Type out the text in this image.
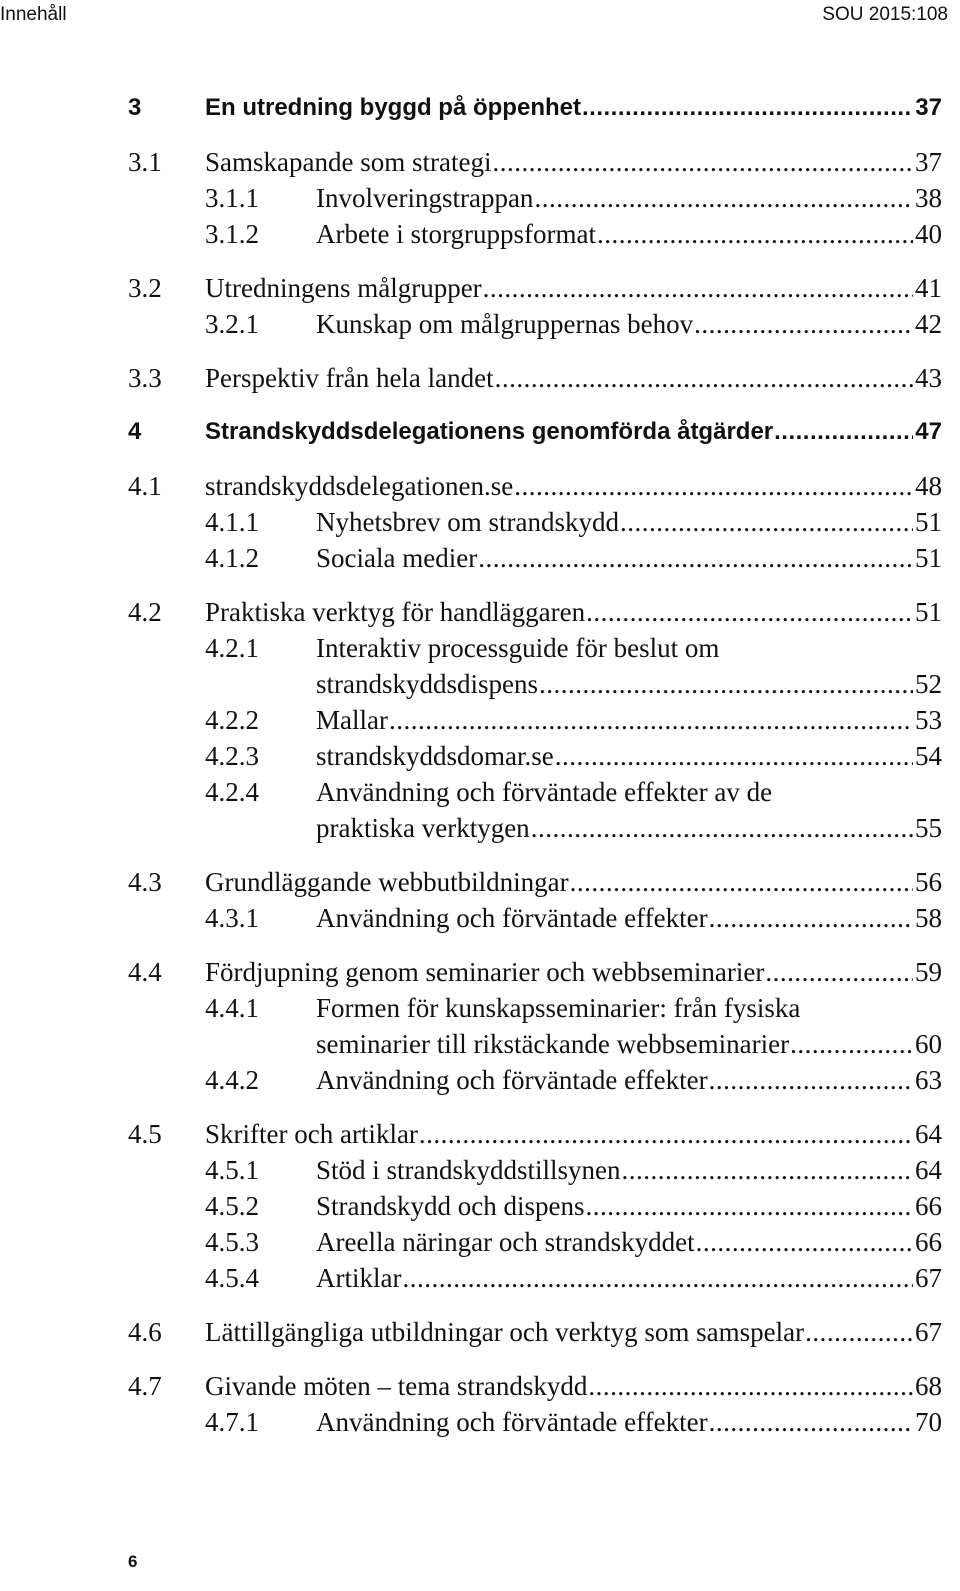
Innehåll	SOU 2015:108
3	En utredning byggd på öppenhet .....	37
3.1 Samskapande som strategi .....	37
3.1.1 Involveringstrappan .....	38
3.1.2 Arbete i storgruppsformat .....	40
3.2 Utredningens målgrupper .....	41
3.2.1 Kunskap om målgruppernas behov .....	42
3.3 Perspektiv från hela landet .....	43
4	Strandskyddsdelegationens genomförda åtgärder .....	47
4.1 strandskyddsdelegationen.se .....	48
4.1.1 Nyhetsbrev om strandskydd .....	51
4.1.2 Sociala medier .....	51
4.2 Praktiska verktyg för handläggaren .....	51
4.2.1 Interaktiv processguide för beslut om
strandskyddsdispens .....	52
4.2.2 Mallar .....	53
4.2.3 strandskyddsdomar.se .....	54
4.2.4 Användning och förväntade effekter av de
praktiska verktygen .....	55
4.3 Grundläggande webbutbildningar .....	56
4.3.1 Användning och förväntade effekter .....	58
4.4 Fördjupning genom seminarier och webbseminarier .....	59
4.4.1 Formen för kunskapsseminarier: från fysiska
seminarier till rikstäckande webbseminarier .....	60
4.4.2 Användning och förväntade effekter .....	63
4.5 Skrifter och artiklar .....	64
4.5.1 Stöd i strandskyddstillsynen .....	64
4.5.2 Strandskydd och dispens .....	66
4.5.3 Areella näringar och strandskyddet .....	66
4.5.4 Artiklar .....	67
4.6 Lättillgängliga utbildningar och verktyg som samspelar .....	67
4.7 Givande möten – tema strandskydd .....	68
4.7.1 Användning och förväntade effekter .....	70
6
